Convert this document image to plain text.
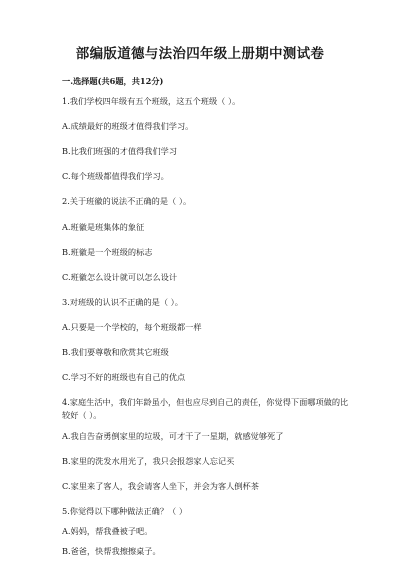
部编版道德与法治四年级上册期中测试卷
一.选择题(共6题，共12分)
1.我们学校四年级有五个班级，这五个班级（ ）。
A.成绩最好的班级才值得我们学习。
B.比我们班强的才值得我们学习
C.每个班级都值得我们学习。
2.关于班徽的说法不正确的是（ ）。
A.班徽是班集体的象征
B.班徽是一个班级的标志
C.班徽怎么设计就可以怎么设计
3.对班级的认识不正确的是（ ）。
A.只要是一个学校的，每个班级都一样
B.我们要尊敬和欣赏其它班级
C.学习不好的班级也有自己的优点
4.家庭生活中，我们年龄虽小，但也应尽到自己的责任，你觉得下面哪项做的比较好（ ）。
A.我自告奋勇倒家里的垃圾，可才干了一星期，就感觉够死了
B.家里的洗发水用光了，我只会报怨家人忘记买
C.家里来了客人，我会请客人坐下，并会为客人倒杯茶
5.你觉得以下哪种做法正确？（ ）
A.妈妈，帮我叠被子吧。
B.爸爸，快帮我擦擦桌子。
